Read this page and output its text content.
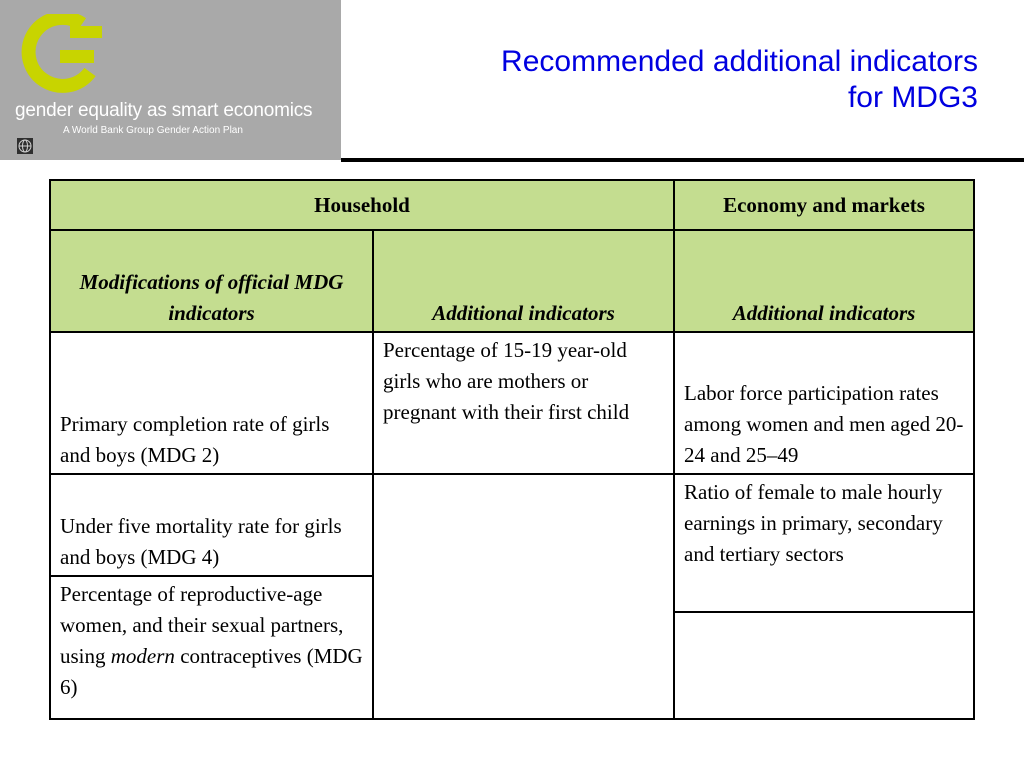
gender equality as smart economics
A World Bank Group Gender Action Plan
Recommended additional indicators
for MDG3
Household		Economy and markets
Modifications of official MDG indicators	Additional indicators	Additional indicators
Primary completion rate of girls and boys (MDG 2)	Percentage of 15-19 year-old girls who are mothers or pregnant with their first child	Labor force participation rates among women and men aged 20-24 and 25–49
Under five mortality rate for girls and boys (MDG 4)		Ratio of female to male hourly earnings in primary, secondary and tertiary sectors
Percentage of reproductive-age women, and their sexual partners, using modern contraceptives (MDG 6)		
